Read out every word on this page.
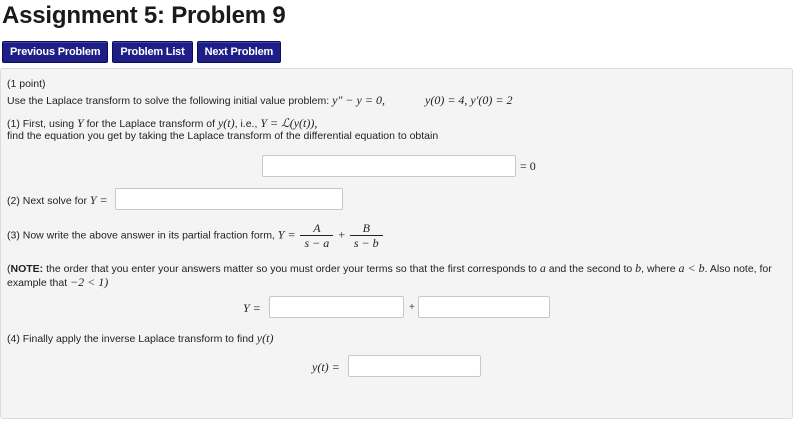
Assignment 5: Problem 9
Previous Problem	Problem List	Next Problem
(1 point)
Use the Laplace transform to solve the following initial value problem: y″ − y = 0,	y(0) = 4, y′(0) = 2
(1) First, using Y for the Laplace transform of y(t), i.e., Y = ℒ(y(t)),
find the equation you get by taking the Laplace transform of the differential equation to obtain
= 0
(2) Next solve for Y =
(3) Now write the above answer in its partial fraction form, $Y = \frac{A}{s - a} + \frac{B}{s - b}$
(NOTE: the order that you enter your answers matter so you must order your terms so that the first corresponds to a and the second to b, where a < b. Also note, for
example that −2 < 1)
Y =	+
(4) Finally apply the inverse Laplace transform to find y(t)
y(t) =
